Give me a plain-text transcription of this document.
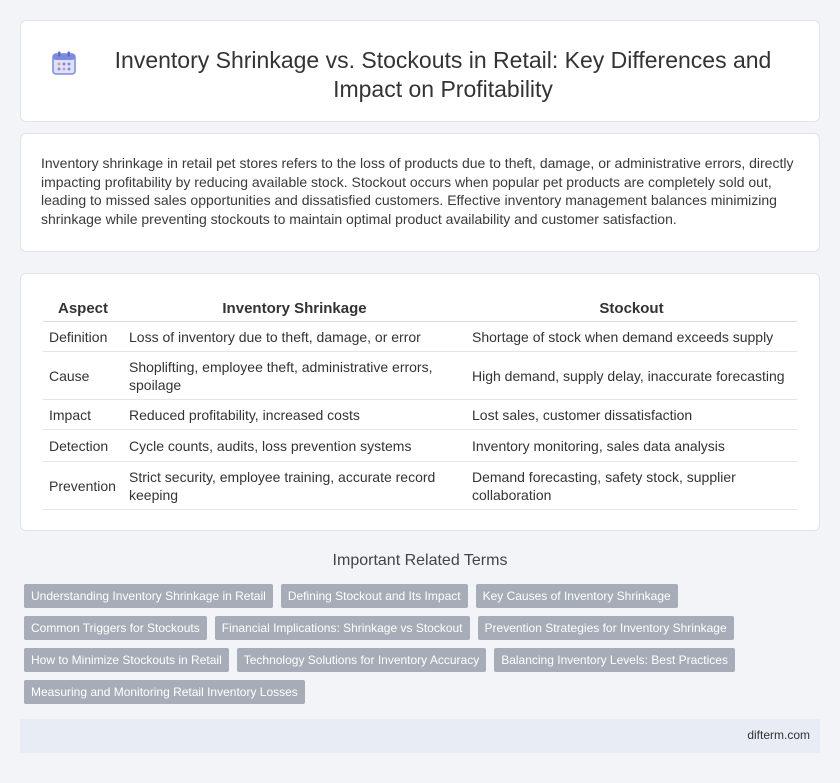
Inventory Shrinkage vs. Stockouts in Retail: Key Differences and Impact on Profitability

Inventory shrinkage in retail pet stores refers to the loss of products due to theft, damage, or administrative errors, directly impacting profitability by reducing available stock. Stockout occurs when popular pet products are completely sold out, leading to missed sales opportunities and dissatisfied customers. Effective inventory management balances minimizing shrinkage while preventing stockouts to maintain optimal product availability and customer satisfaction.

Aspect	Inventory Shrinkage	Stockout
Definition	Loss of inventory due to theft, damage, or error	Shortage of stock when demand exceeds supply
Cause	Shoplifting, employee theft, administrative errors, spoilage	High demand, supply delay, inaccurate forecasting
Impact	Reduced profitability, increased costs	Lost sales, customer dissatisfaction
Detection	Cycle counts, audits, loss prevention systems	Inventory monitoring, sales data analysis
Prevention	Strict security, employee training, accurate record keeping	Demand forecasting, safety stock, supplier collaboration
Important Related Terms
Understanding Inventory Shrinkage in Retail	Defining Stockout and Its Impact	Key Causes of Inventory Shrinkage
Common Triggers for Stockouts	Financial Implications: Shrinkage vs Stockout	Prevention Strategies for Inventory Shrinkage
How to Minimize Stockouts in Retail	Technology Solutions for Inventory Accuracy	Balancing Inventory Levels: Best Practices
Measuring and Monitoring Retail Inventory Losses
difterm.com
